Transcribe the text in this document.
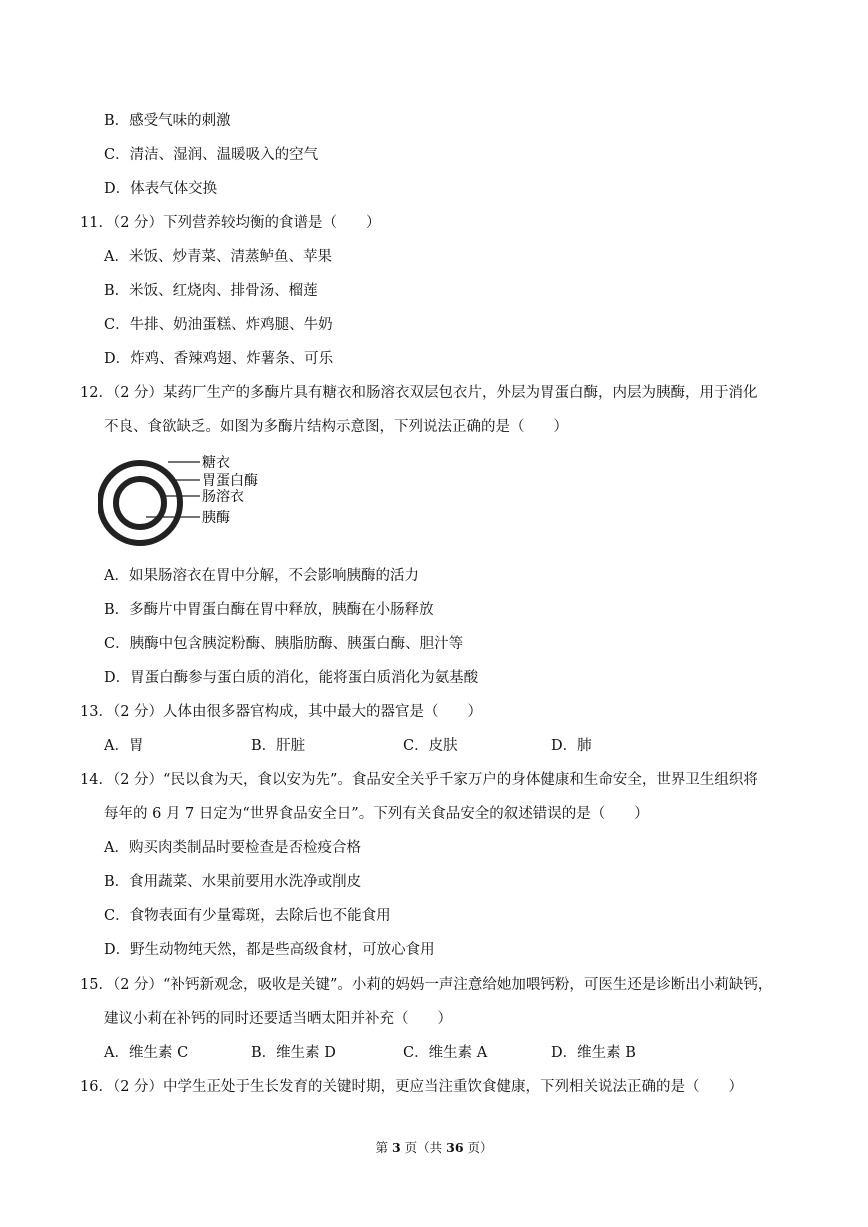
B．感受气味的刺激
C．清洁、湿润、温暖吸入的空气
D．体表气体交换
11．（2 分）下列营养较均衡的食谱是（　　）
A．米饭、炒青菜、清蒸鲈鱼、苹果
B．米饭、红烧肉、排骨汤、榴莲
C．牛排、奶油蛋糕、炸鸡腿、牛奶
D．炸鸡、香辣鸡翅、炸薯条、可乐
12．（2 分）某药厂生产的多酶片具有糖衣和肠溶衣双层包衣片，外层为胃蛋白酶，内层为胰酶，用于消化
不良、食欲缺乏。如图为多酶片结构示意图，下列说法正确的是（　　）
糖衣
胃蛋白酶
肠溶衣
胰酶
A．如果肠溶衣在胃中分解，不会影响胰酶的活力
B．多酶片中胃蛋白酶在胃中释放，胰酶在小肠释放
C．胰酶中包含胰淀粉酶、胰脂肪酶、胰蛋白酶、胆汁等
D．胃蛋白酶参与蛋白质的消化，能将蛋白质消化为氨基酸
13．（2 分）人体由很多器官构成，其中最大的器官是（　　）
A．胃	B．肝脏	C．皮肤	D．肺
14．（2 分）“民以食为天，食以安为先”。食品安全关乎千家万户的身体健康和生命安全，世界卫生组织将
每年的 6 月 7 日定为“世界食品安全日”。下列有关食品安全的叙述错误的是（　　）
A．购买肉类制品时要检查是否检疫合格
B．食用蔬菜、水果前要用水洗净或削皮
C．食物表面有少量霉斑，去除后也不能食用
D．野生动物纯天然，都是些高级食材，可放心食用
15．（2 分）“补钙新观念，吸收是关键”。小莉的妈妈一声注意给她加喂钙粉，可医生还是诊断出小莉缺钙，
建议小莉在补钙的同时还要适当晒太阳并补充（　　）
A．维生素 C	B．维生素 D	C．维生素 A	D．维生素 B
16．（2 分）中学生正处于生长发育的关键时期，更应当注重饮食健康，下列相关说法正确的是（　　）
第 3 页（共 36 页）
